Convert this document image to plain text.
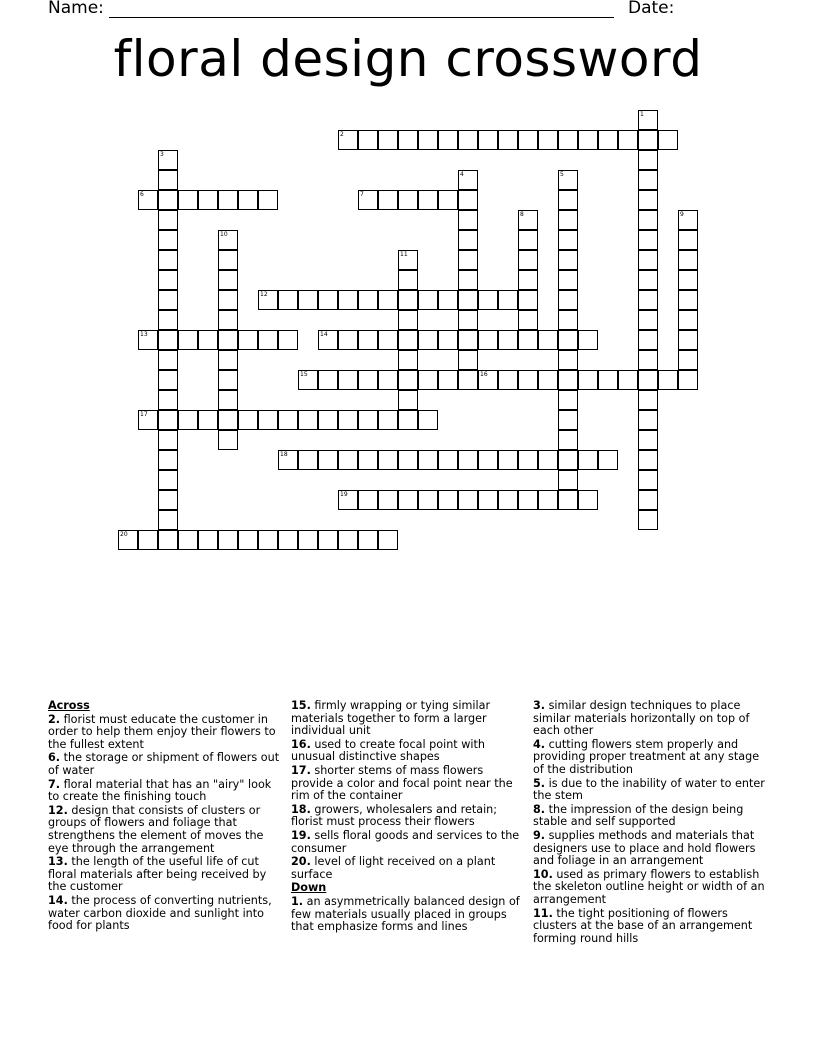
Name:	Date:
floral design crossword
2
6	7
12
13	14
15	16
17
18
19
20
1
3
4	5
8	9
10
11
Across
2. florist must educate the customer in order to help them enjoy their flowers to the fullest extent
6. the storage or shipment of flowers out of water
7. floral material that has an "airy" look to create the finishing touch
12. design that consists of clusters or groups of flowers and foliage that strengthens the element of moves the eye through the arrangement
13. the length of the useful life of cut floral materials after being received by the customer
14. the process of converting nutrients, water carbon dioxide and sunlight into food for plants
15. firmly wrapping or tying similar materials together to form a larger individual unit
16. used to create focal point with unusual distinctive shapes
17. shorter stems of mass flowers provide a color and focal point near the rim of the container
18. growers, wholesalers and retain; florist must process their flowers
19. sells floral goods and services to the consumer
20. level of light received on a plant surface
Down
1. an asymmetrically balanced design of few materials usually placed in groups that emphasize forms and lines
3. similar design techniques to place similar materials horizontally on top of each other
4. cutting flowers stem properly and providing proper treatment at any stage of the distribution
5. is due to the inability of water to enter the stem
8. the impression of the design being stable and self supported
9. supplies methods and materials that designers use to place and hold flowers and foliage in an arrangement
10. used as primary flowers to establish the skeleton outline height or width of an arrangement
11. the tight positioning of flowers clusters at the base of an arrangement forming round hills
